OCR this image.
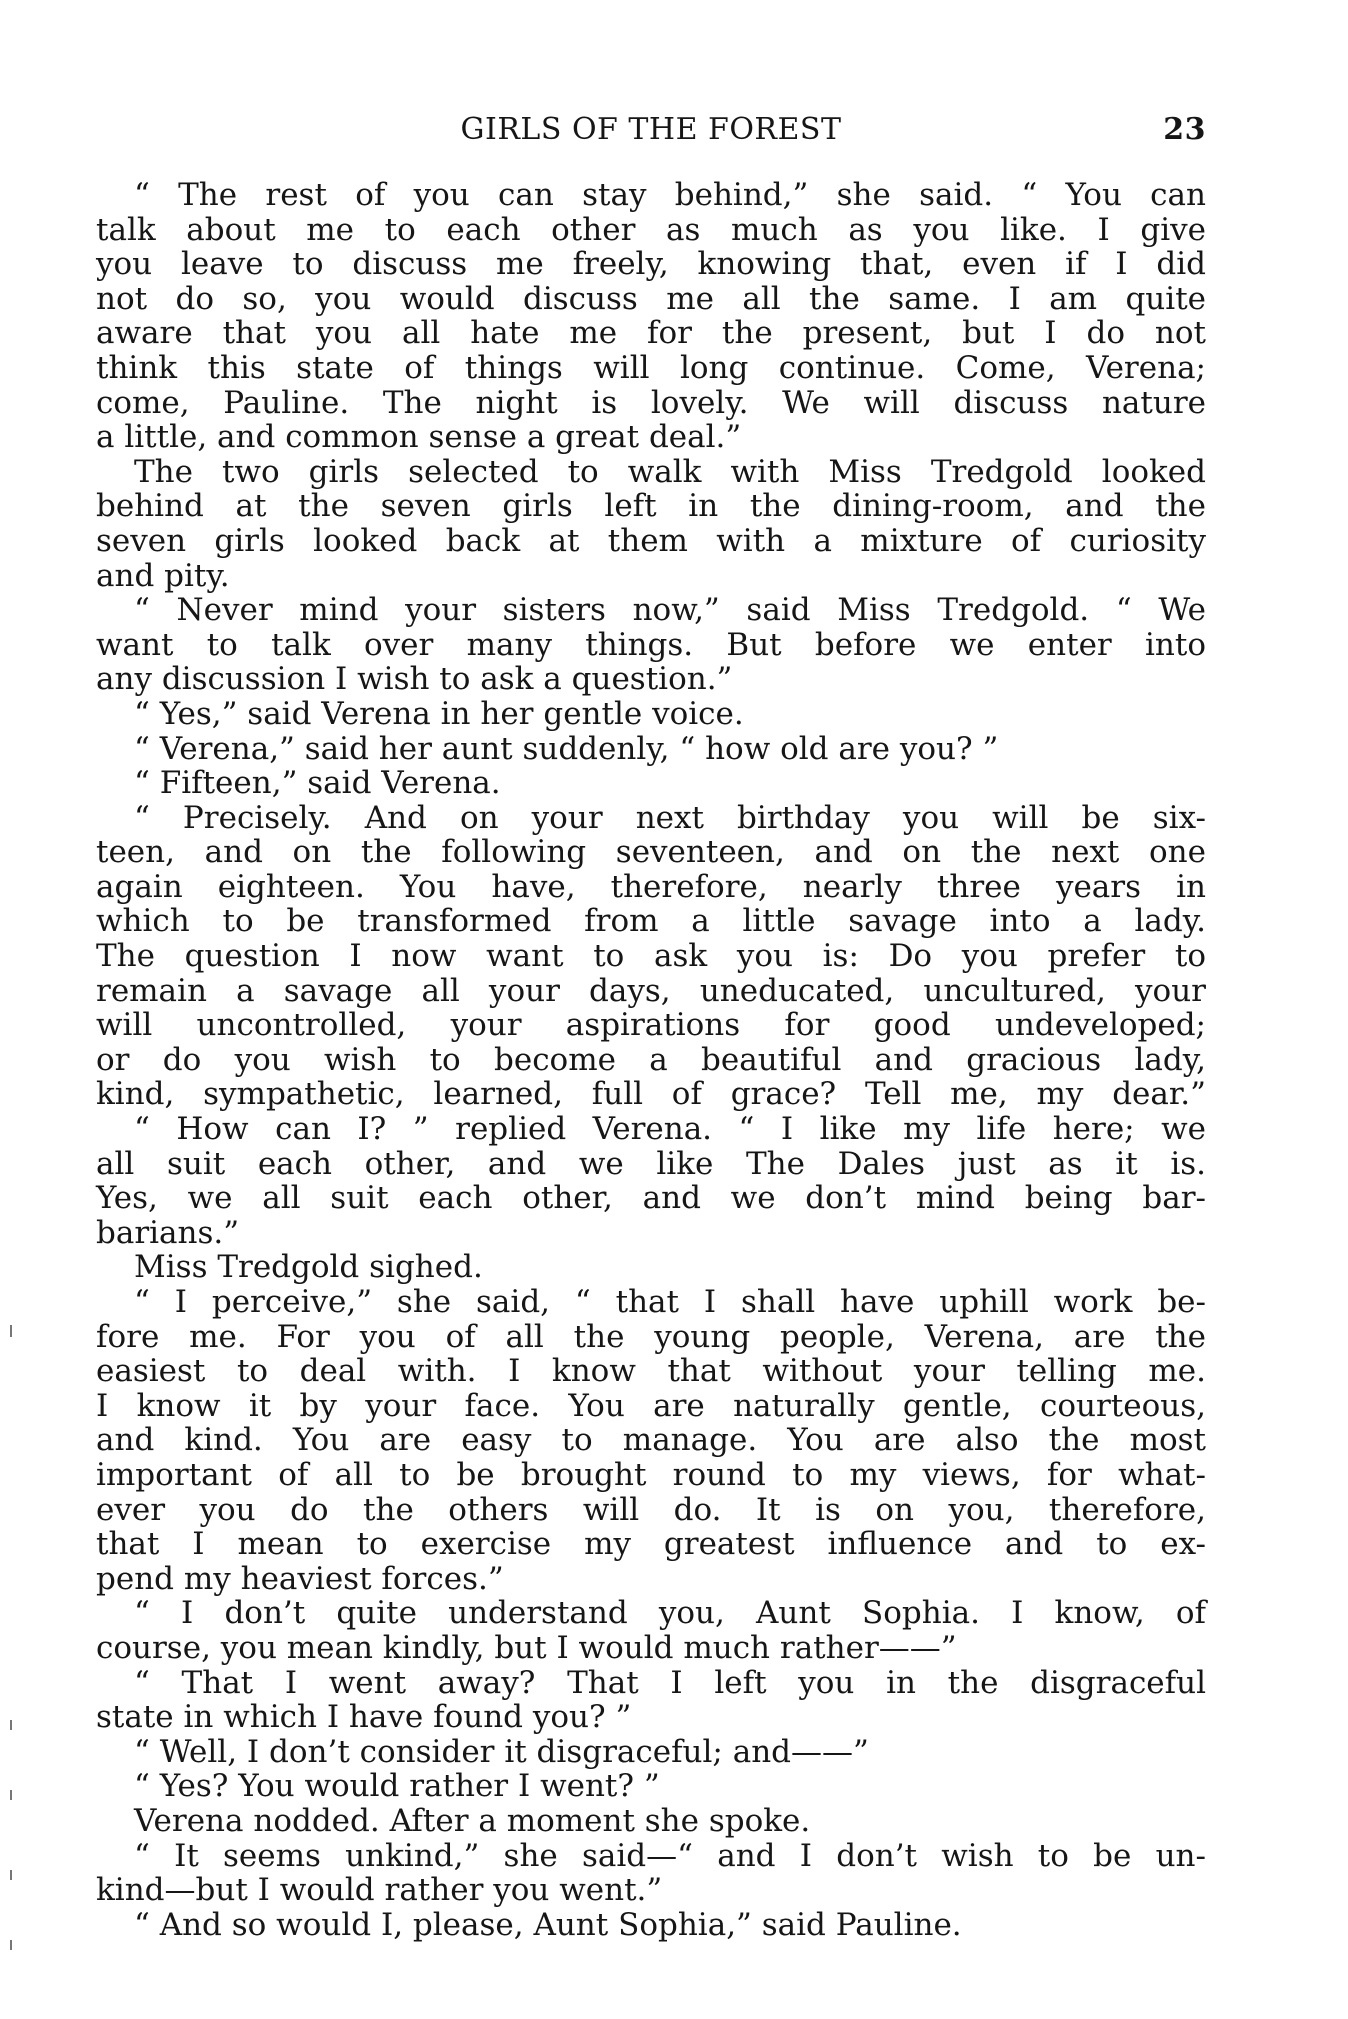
GIRLS OF THE FOREST	23
“ The rest of you can stay behind,” she said. “ You can
talk about me to each other as much as you like. I give
you leave to discuss me freely, knowing that, even if I did
not do so, you would discuss me all the same. I am quite
aware that you all hate me for the present, but I do not
think this state of things will long continue. Come, Verena;
come, Pauline. The night is lovely. We will discuss nature
a little, and common sense a great deal.”
The two girls selected to walk with Miss Tredgold looked
behind at the seven girls left in the dining-room, and the
seven girls looked back at them with a mixture of curiosity
and pity.
“ Never mind your sisters now,” said Miss Tredgold. “ We
want to talk over many things. But before we enter into
any discussion I wish to ask a question.”
“ Yes,” said Verena in her gentle voice.
“ Verena,” said her aunt suddenly, “ how old are you? ”
“ Fifteen,” said Verena.
“ Precisely. And on your next birthday you will be six-
teen, and on the following seventeen, and on the next one
again eighteen. You have, therefore, nearly three years in
which to be transformed from a little savage into a lady.
The question I now want to ask you is: Do you prefer to
remain a savage all your days, uneducated, uncultured, your
will uncontrolled, your aspirations for good undeveloped;
or do you wish to become a beautiful and gracious lady,
kind, sympathetic, learned, full of grace? Tell me, my dear.”
“ How can I? ” replied Verena. “ I like my life here; we
all suit each other, and we like The Dales just as it is.
Yes, we all suit each other, and we don’t mind being bar-
barians.”
Miss Tredgold sighed.
“ I perceive,” she said, “ that I shall have uphill work be-
fore me. For you of all the young people, Verena, are the
easiest to deal with. I know that without your telling me.
I know it by your face. You are naturally gentle, courteous,
and kind. You are easy to manage. You are also the most
important of all to be brought round to my views, for what-
ever you do the others will do. It is on you, therefore,
that I mean to exercise my greatest influence and to ex-
pend my heaviest forces.”
“ I don’t quite understand you, Aunt Sophia. I know, of
course, you mean kindly, but I would much rather——”
“ That I went away? That I left you in the disgraceful
state in which I have found you? ”
“ Well, I don’t consider it disgraceful; and——”
“ Yes? You would rather I went? ”
Verena nodded. After a moment she spoke.
“ It seems unkind,” she said—“ and I don’t wish to be un-
kind—but I would rather you went.”
“ And so would I, please, Aunt Sophia,” said Pauline.
